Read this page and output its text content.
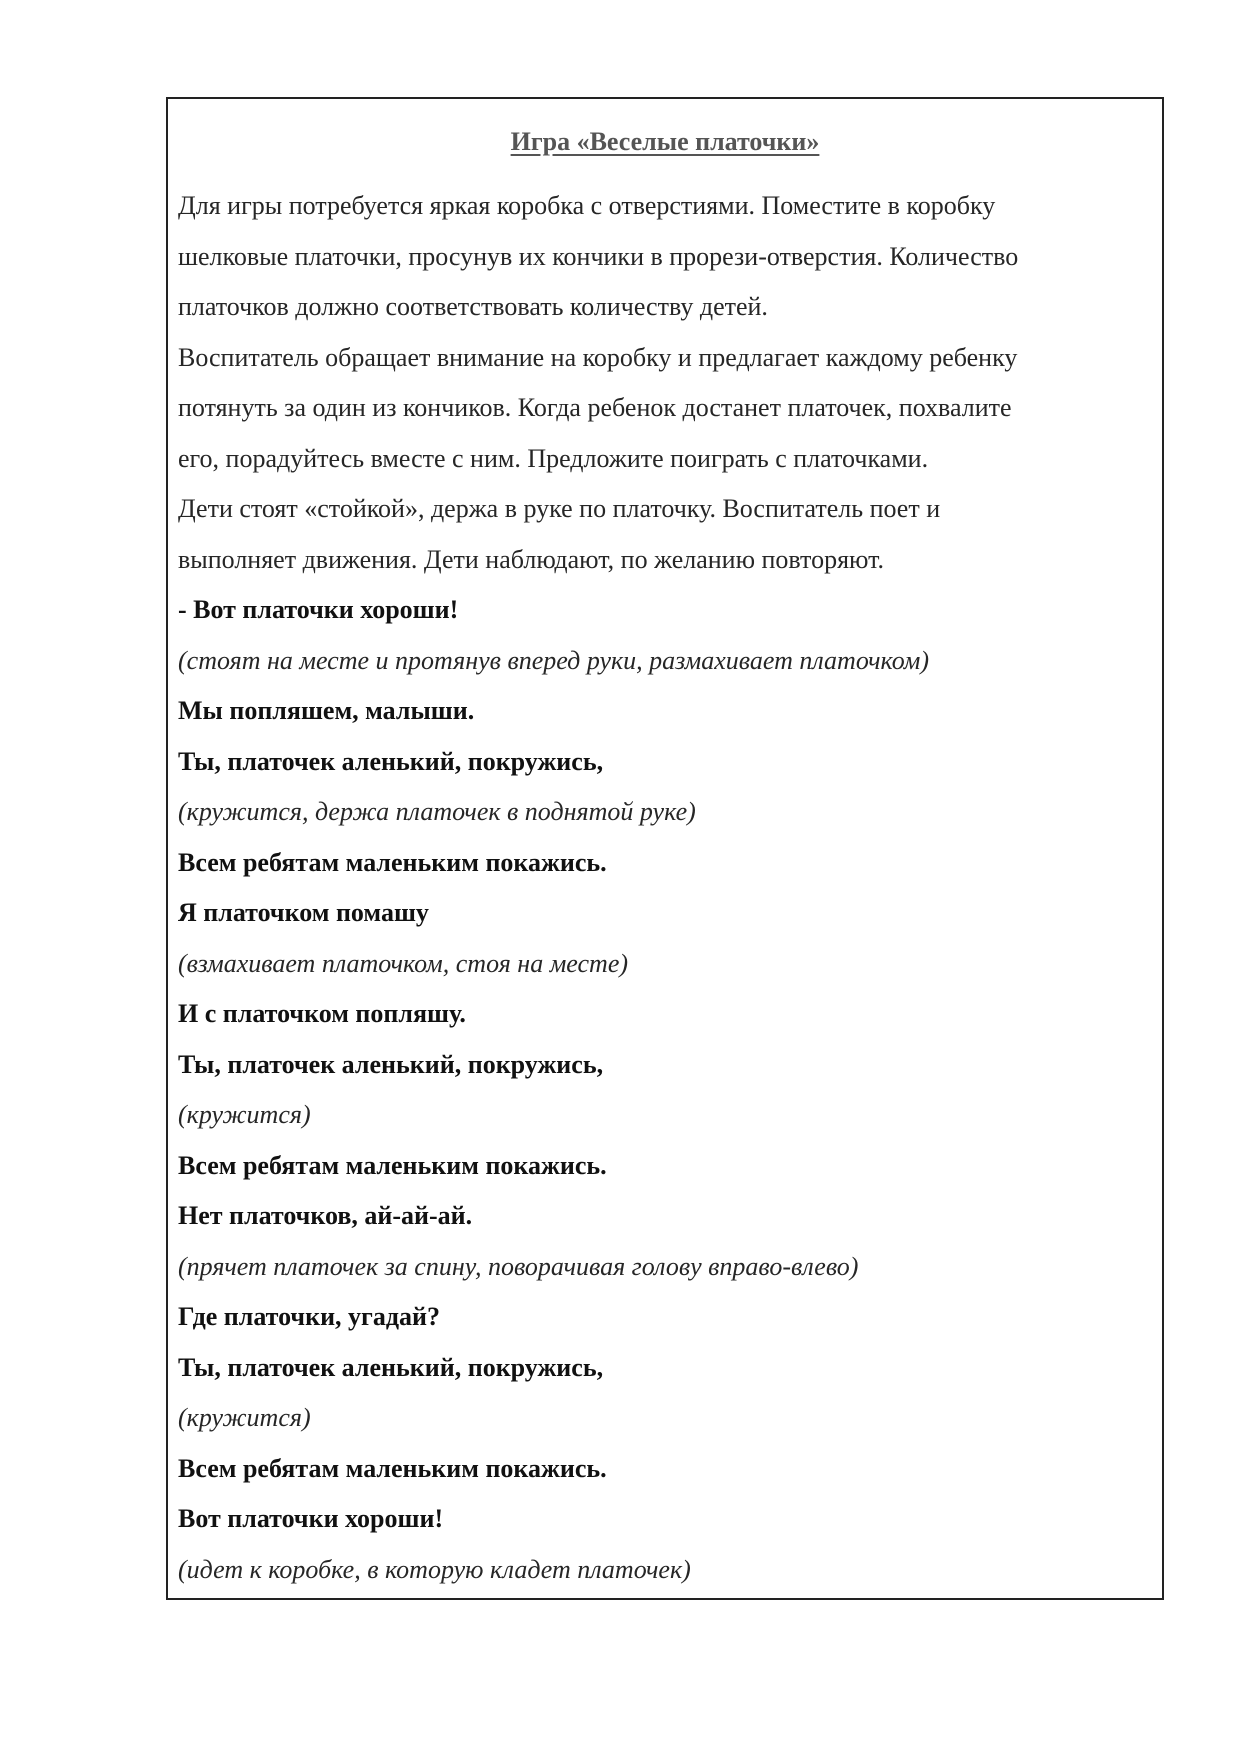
Игра «Веселые платочки»
Для игры потребуется яркая коробка с отверстиями. Поместите в коробку
шелковые платочки, просунув их кончики в прорези-отверстия. Количество
платочков должно соответствовать количеству детей.
Воспитатель обращает внимание на коробку и предлагает каждому ребенку
потянуть за один из кончиков. Когда ребенок достанет платочек, похвалите
его, порадуйтесь вместе с ним. Предложите поиграть с платочками.
Дети стоят «стойкой», держа в руке по платочку. Воспитатель поет и
выполняет движения. Дети наблюдают, по желанию повторяют.
- Вот платочки хороши!
(стоят на месте и протянув вперед руки, размахивает платочком)
Мы попляшем, малыши.
Ты, платочек аленький, покружись,
(кружится, держа платочек в поднятой руке)
Всем ребятам маленьким покажись.
Я платочком помашу
(взмахивает платочком, стоя на месте)
И с платочком попляшу.
Ты, платочек аленький, покружись,
(кружится)
Всем ребятам маленьким покажись.
Нет платочков, ай-ай-ай.
(прячет платочек за спину, поворачивая голову вправо-влево)
Где платочки, угадай?
Ты, платочек аленький, покружись,
(кружится)
Всем ребятам маленьким покажись.
Вот платочки хороши!
(идет к коробке, в которую кладет платочек)
